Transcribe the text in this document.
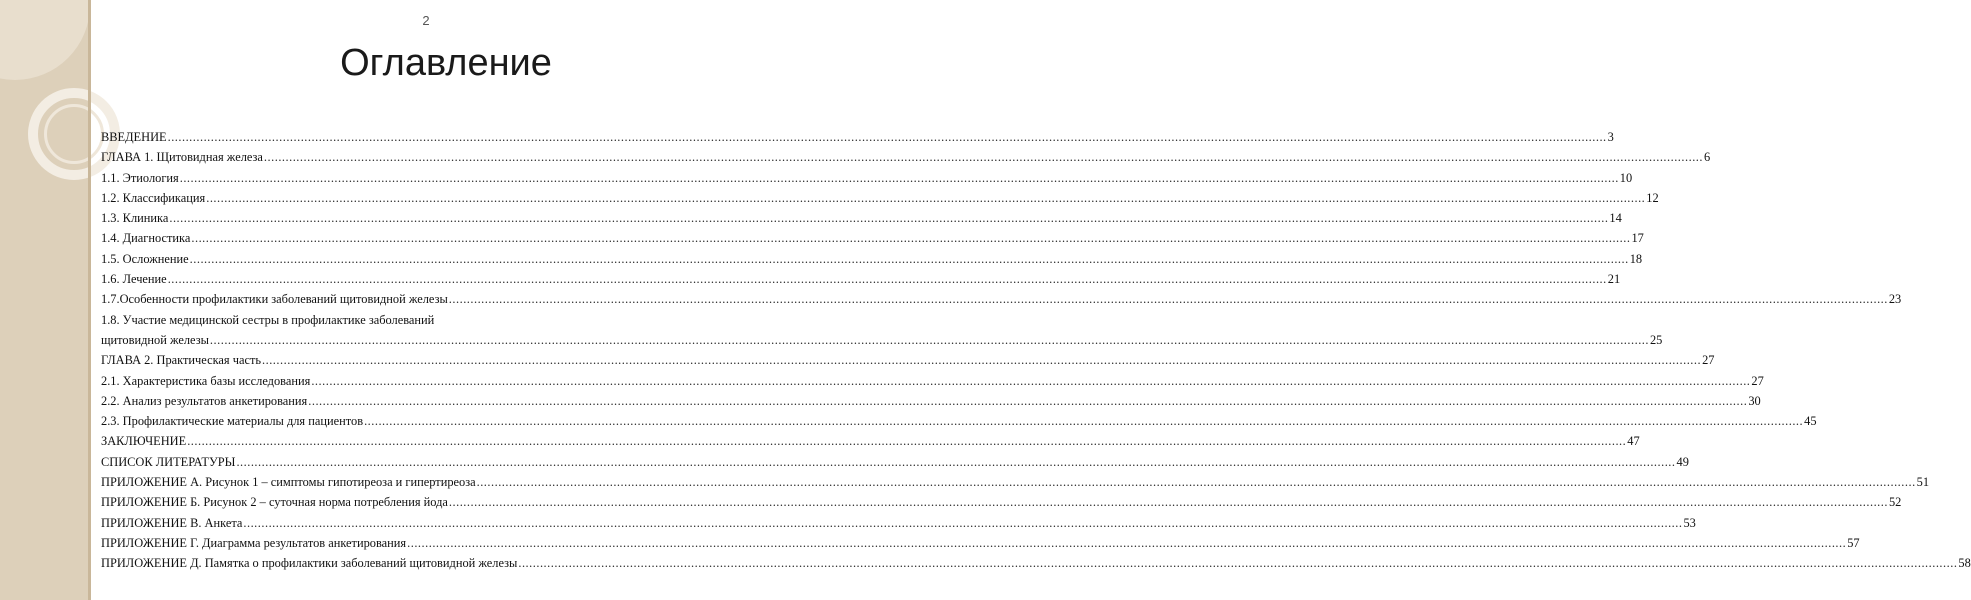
2
Оглавление
ВВЕДЕНИЕ ................................................................................................................................................................................................................................................................................................................................................................................................................ 3
ГЛАВА 1. Щитовидная железа ................................................................................................................................................................................................................................................................................................................................................................................................................ 6
1.1. Этиология ................................................................................................................................................................................................................................................................................................................................................................................................................ 10
1.2. Классификация ................................................................................................................................................................................................................................................................................................................................................................................................................ 12
1.3. Клиника ................................................................................................................................................................................................................................................................................................................................................................................................................ 14
1.4. Диагностика ................................................................................................................................................................................................................................................................................................................................................................................................................ 17
1.5. Осложнение ................................................................................................................................................................................................................................................................................................................................................................................................................ 18
1.6. Лечение ................................................................................................................................................................................................................................................................................................................................................................................................................ 21
1.7.Особенности профилактики заболеваний щитовидной железы ................................................................................................................................................................................................................................................................................................................................................................................................................ 23
1.8. Участие медицинской сестры в профилактике заболеваний
щитовидной железы ................................................................................................................................................................................................................................................................................................................................................................................................................ 25
ГЛАВА 2. Практическая часть ................................................................................................................................................................................................................................................................................................................................................................................................................ 27
2.1. Характеристика базы исследования ................................................................................................................................................................................................................................................................................................................................................................................................................ 27
2.2. Анализ результатов анкетирования ................................................................................................................................................................................................................................................................................................................................................................................................................ 30
2.3. Профилактические материалы для пациентов ................................................................................................................................................................................................................................................................................................................................................................................................................ 45
ЗАКЛЮЧЕНИЕ ................................................................................................................................................................................................................................................................................................................................................................................................................ 47
СПИСОК ЛИТЕРАТУРЫ ................................................................................................................................................................................................................................................................................................................................................................................................................ 49
ПРИЛОЖЕНИЕ А. Рисунок 1 – симптомы гипотиреоза и гипертиреоза ................................................................................................................................................................................................................................................................................................................................................................................................................ 51
ПРИЛОЖЕНИЕ Б. Рисунок 2 – суточная норма потребления йода ................................................................................................................................................................................................................................................................................................................................................................................................................ 52
ПРИЛОЖЕНИЕ В. Анкета ................................................................................................................................................................................................................................................................................................................................................................................................................ 53
ПРИЛОЖЕНИЕ Г. Диаграмма результатов анкетирования ................................................................................................................................................................................................................................................................................................................................................................................................................ 57
ПРИЛОЖЕНИЕ Д. Памятка о профилактики заболеваний щитовидной железы ................................................................................................................................................................................................................................................................................................................................................................................................................ 58
